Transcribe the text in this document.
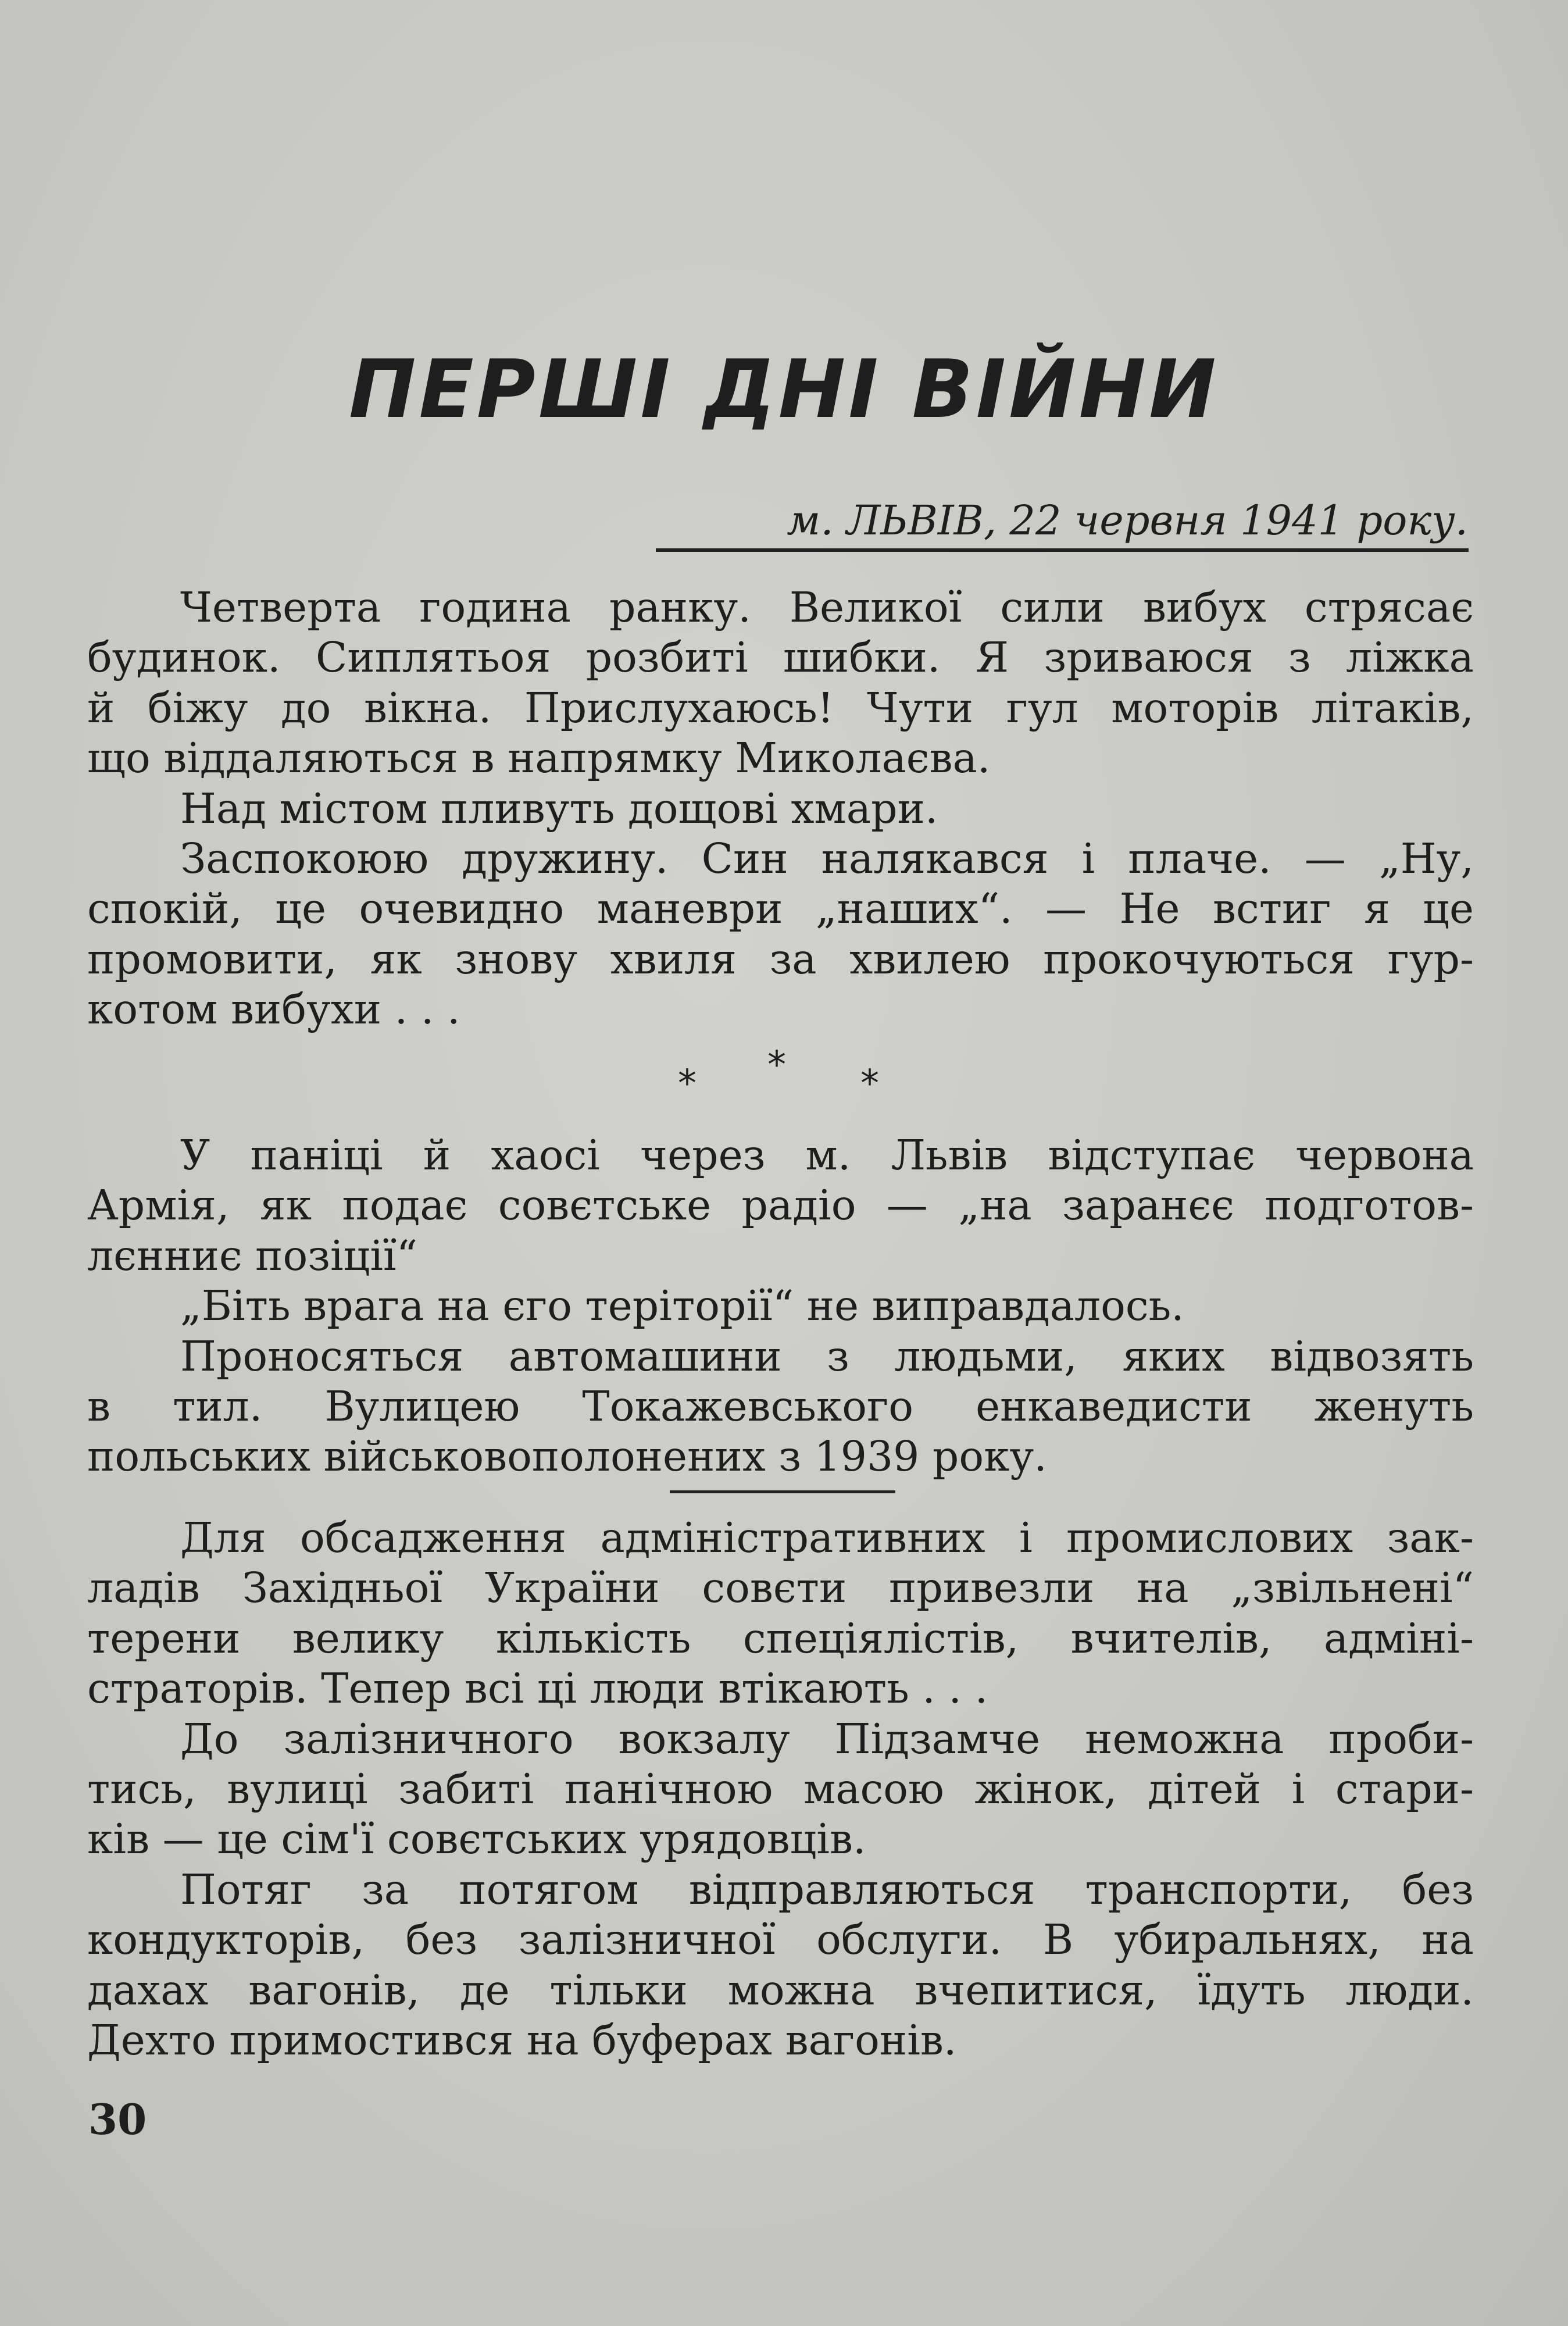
ПЕРШІ ДНІ ВІЙНИ
м. ЛЬВІВ, 22 червня 1941 року.
Четверта година ранку. Великої сили вибух стрясає
будинок. Сиплятьоя розбиті шибки. Я зриваюся з ліжка
й біжу до вікна. Прислухаюсь! Чути гул моторів літаків,
що віддаляються в напрямку Миколаєва.
Над містом пливуть дощові хмари.
Заспокоюю дружину. Син налякався і плаче. — „Ну,
спокій, це очевидно маневри „наших“. — Не встиг я це
промовити, як знову хвиля за хвилею прокочуються гур-
котом вибухи . . .
* * *
У паніці й хаосі через м. Львів відступає червона
Армія, як подає совєтське радіо — „на заранєє подготов-
лєнниє позіції“
„Біть врага на єго теріторії“ не виправдалось.
Проносяться автомашини з людьми, яких відвозять
в тил. Вулицею Токажевського енкаведисти женуть
польських військовополонених з 1939 року.
Для обсадження адміністративних і промислових зак-
ладів Західньої України совєти привезли на „звільнені“
терени велику кількість спеціялістів, вчителів, адміні-
страторів. Тепер всі ці люди втікають . . .
До залізничного вокзалу Підзамче неможна проби-
тись, вулиці забиті панічною масою жінок, дітей і стари-
ків — це сім'ї совєтських урядовців.
Потяг за потягом відправляються транспорти, без
кондукторів, без залізничної обслуги. В убиральнях, на
дахах вагонів, де тільки можна вчепитися, їдуть люди.
Дехто примостився на буферах вагонів.
30
